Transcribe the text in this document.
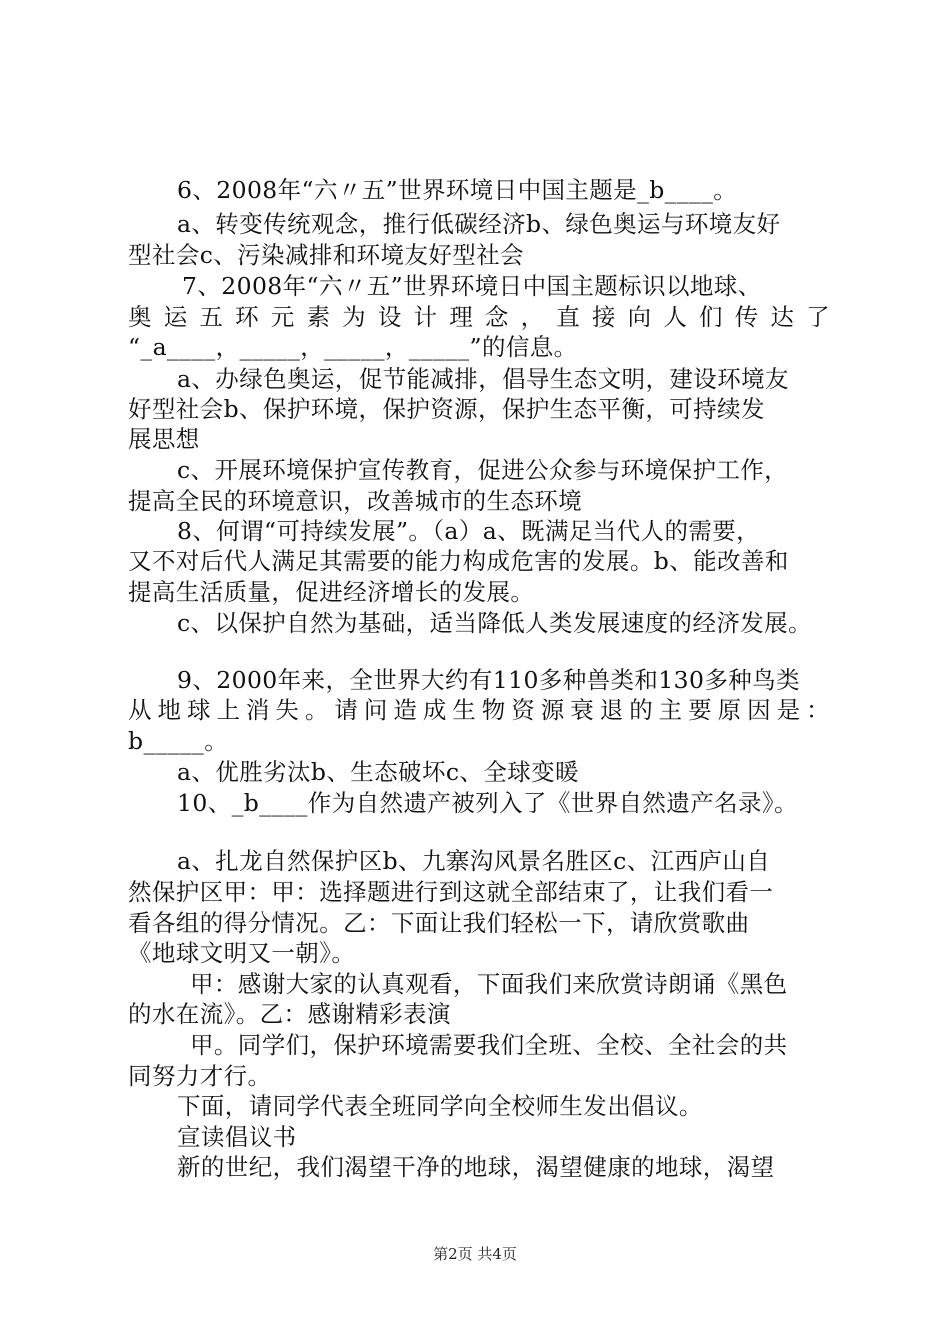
6、2008年“六〃五”世界环境日中国主题是_b____。
a、转变传统观念，推行低碳经济b、绿色奥运与环境友好
型社会c、污染减排和环境友好型社会
7、2008年“六〃五”世界环境日中国主题标识以地球、
奥运五环元素为设计理念，直接向人们传达了
“_a____，_____，_____，_____”的信息。
a、办绿色奥运，促节能减排，倡导生态文明，建设环境友
好型社会b、保护环境，保护资源，保护生态平衡，可持续发
展思想
c、开展环境保护宣传教育，促进公众参与环境保护工作，
提高全民的环境意识，改善城市的生态环境
8、何谓“可持续发展”。（a）a、既满足当代人的需要，
又不对后代人满足其需要的能力构成危害的发展。b、能改善和
提高生活质量，促进经济增长的发展。
c、以保护自然为基础，适当降低人类发展速度的经济发展。
9、2000年来，全世界大约有110多种兽类和130多种鸟类
从地球上消失。请问造成生物资源衰退的主要原因是：
b_____。
a、优胜劣汰b、生态破坏c、全球变暖
10、_b____作为自然遗产被列入了《世界自然遗产名录》。
a、扎龙自然保护区b、九寨沟风景名胜区c、江西庐山自
然保护区甲：甲：选择题进行到这就全部结束了，让我们看一
看各组的得分情况。乙：下面让我们轻松一下，请欣赏歌曲
《地球文明又一朝》。
甲：感谢大家的认真观看，下面我们来欣赏诗朗诵《黑色
的水在流》。乙：感谢精彩表演
甲。同学们，保护环境需要我们全班、全校、全社会的共
同努力才行。
下面，请同学代表全班同学向全校师生发出倡议。
宣读倡议书
新的世纪，我们渴望干净的地球，渴望健康的地球，渴望
第2页 共4页
